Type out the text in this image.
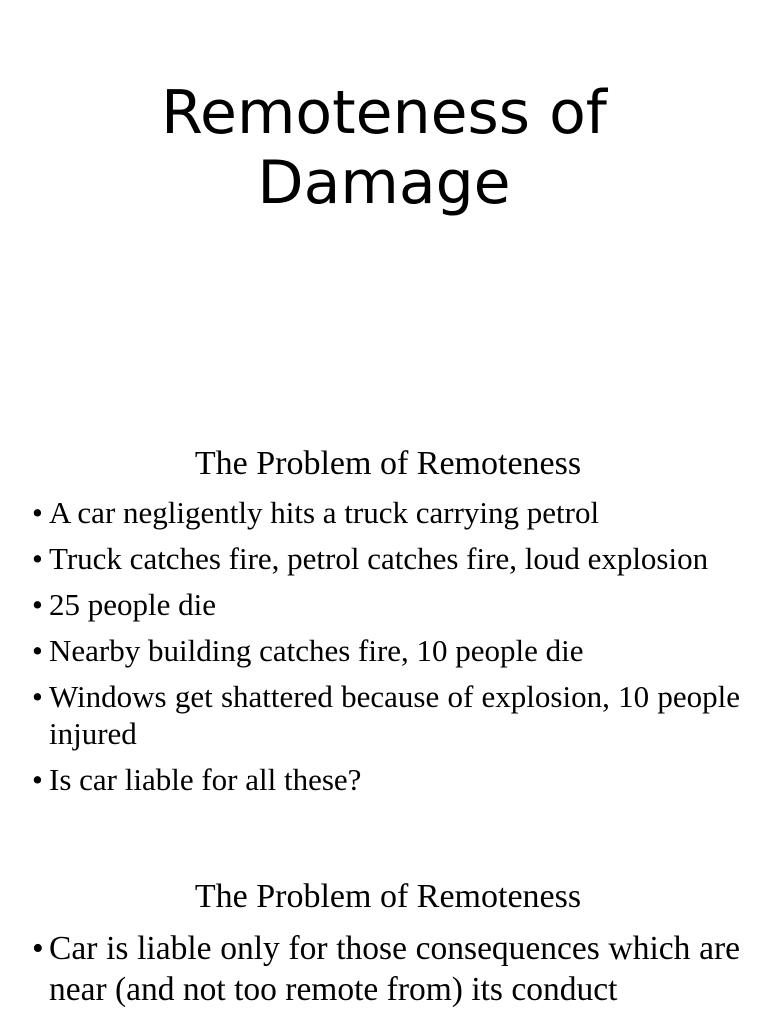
Remoteness of
Damage
The Problem of Remoteness
• A car negligently hits a truck carrying petrol
• Truck catches fire, petrol catches fire, loud explosion
• 25 people die
• Nearby building catches fire, 10 people die
• Windows get shattered because of explosion, 10 people injured
• Is car liable for all these?
The Problem of Remoteness
• Car is liable only for those consequences which are near (and not too remote from) its conduct
